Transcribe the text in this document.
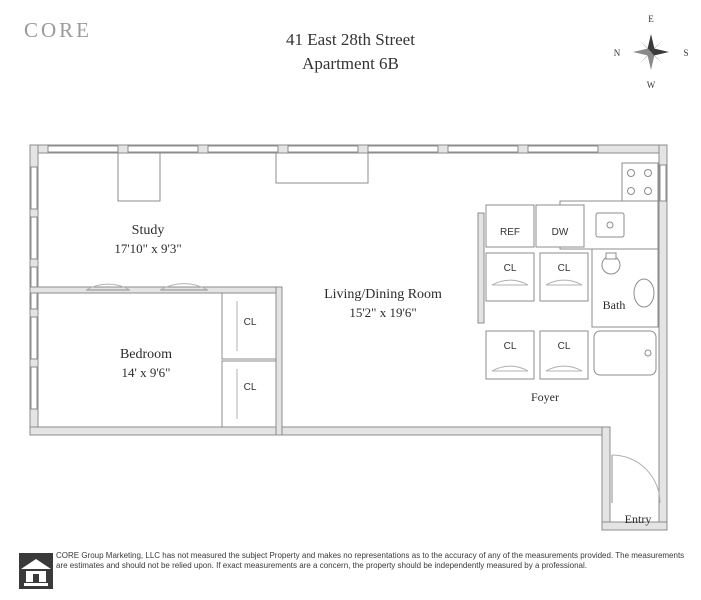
CORE	41 East 28th Street
Apartment 6B
E
W
N	S
Study
17'10" x 9'3"
Living/Dining Room
15'2" x 19'6"
Bedroom
14' x 9'6"
REF	DW
CL	CL
CL	CL
CL
CL
Bath
Foyer
Entry
CORE Group Marketing, LLC has not measured the subject Property and makes no representations as to the accuracy of any of the measurements provided. The measurements are estimates and should not be relied upon. If exact measurements are a concern, the property should be independently measured by a professional.
